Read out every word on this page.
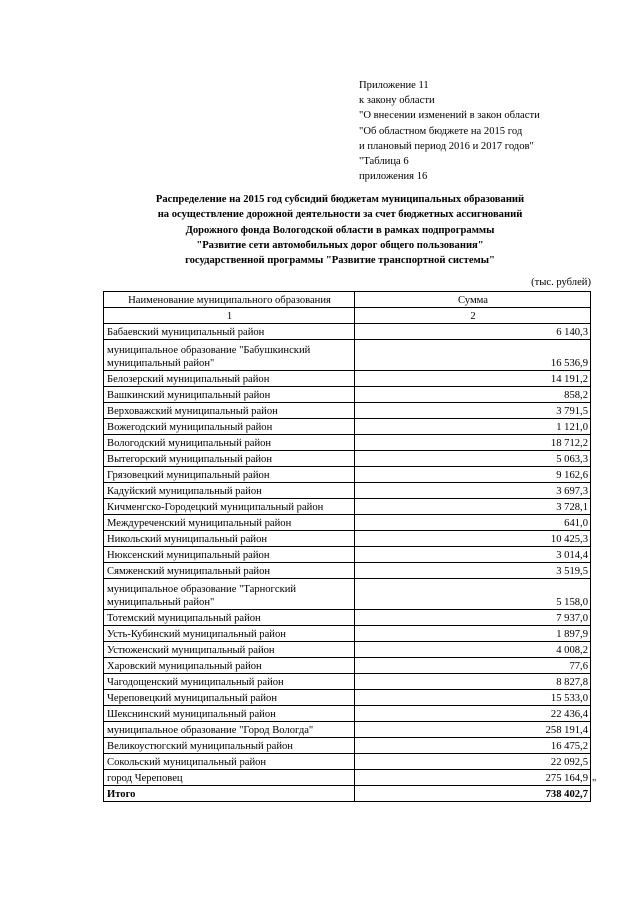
Приложение 11
к закону области
"О внесении изменений в закон области
"Об областном бюджете на 2015 год
и плановый период 2016 и 2017 годов"
"Таблица 6
приложения 16
Распределение на 2015 год субсидий бюджетам муниципальных образований
на осуществление дорожной деятельности за счет бюджетных ассигнований
Дорожного фонда Вологодской области в рамках подпрограммы
"Развитие сети автомобильных дорог общего пользования"
государственной программы "Развитие транспортной системы"
(тыс. рублей)
Наименование муниципального образования	Сумма
1	2
Бабаевский муниципальный район	6 140,3
муниципальное образование "Бабушкинский муниципальный район"	16 536,9
Белозерский муниципальный район	14 191,2
Вашкинский муниципальный район	858,2
Верховажский муниципальный район	3 791,5
Вожегодский муниципальный район	1 121,0
Вологодский муниципальный район	18 712,2
Вытегорский муниципальный район	5 063,3
Грязовецкий муниципальный район	9 162,6
Кадуйский муниципальный район	3 697,3
Кичменгско-Городецкий муниципальный район	3 728,1
Междуреченский муниципальный район	641,0
Никольский муниципальный район	10 425,3
Нюксенский муниципальный район	3 014,4
Сямженский муниципальный район	3 519,5
муниципальное образование "Тарногский муниципальный район"	5 158,0
Тотемский муниципальный район	7 937,0
Усть-Кубинский муниципальный район	1 897,9
Устюженский муниципальный район	4 008,2
Харовский муниципальный район	77,6
Чагодощенский муниципальный район	8 827,8
Череповецкий муниципальный район	15 533,0
Шекснинский муниципальный район	22 436,4
муниципальное образование "Город Вологда"	258 191,4
Великоустюгский муниципальный район	16 475,2
Сокольский муниципальный район	22 092,5
город Череповец	275 164,9
Итого	738 402,7
"
